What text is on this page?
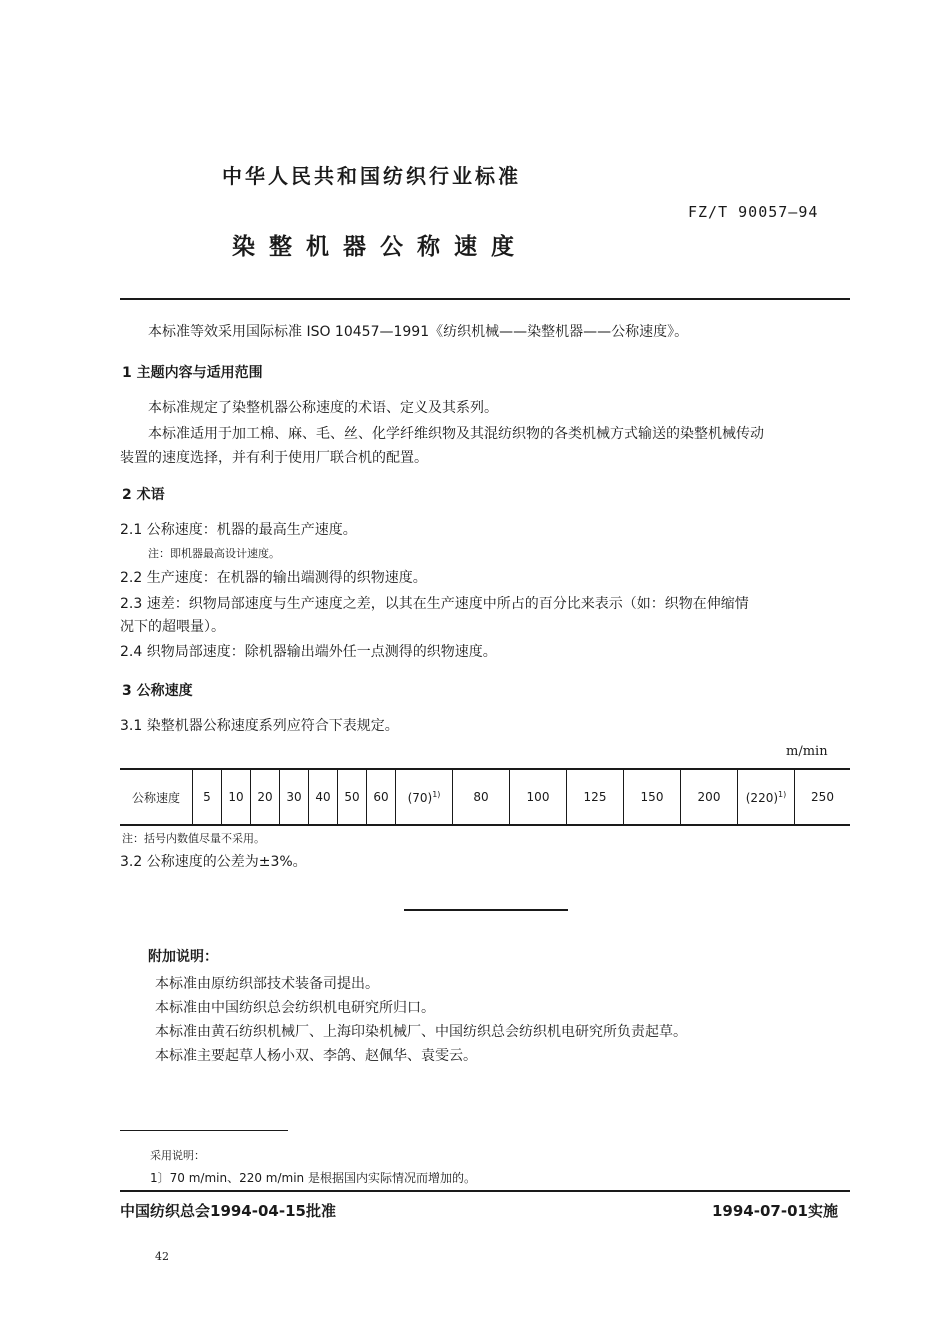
中华人民共和国纺织行业标准
FZ/T 90057—94
染整机器公称速度
本标准等效采用国际标准 ISO 10457—1991《纺织机械——染整机器——公称速度》。
1 主题内容与适用范围
本标准规定了染整机器公称速度的术语、定义及其系列。
本标准适用于加工棉、麻、毛、丝、化学纤维织物及其混纺织物的各类机械方式输送的染整机械传动
装置的速度选择，并有利于使用厂联合机的配置。
2 术语
2.1 公称速度：机器的最高生产速度。
注：即机器最高设计速度。
2.2 生产速度：在机器的输出端测得的织物速度。
2.3 速差：织物局部速度与生产速度之差，以其在生产速度中所占的百分比来表示（如：织物在伸缩情
况下的超喂量）。
2.4 织物局部速度：除机器输出端外任一点测得的织物速度。
3 公称速度
3.1 染整机器公称速度系列应符合下表规定。
m/min
公称速度	5	10	20	30	40	50	60	$(70)^{1)}$	80	100	125	150	200	$(220)^{1)}$	250
注：括号内数值尽量不采用。
3.2 公称速度的公差为±3%。
附加说明：
本标准由原纺织部技术装备司提出。
本标准由中国纺织总会纺织机电研究所归口。
本标准由黄石纺织机械厂、上海印染机械厂、中国纺织总会纺织机电研究所负责起草。
本标准主要起草人杨小双、李鸽、赵佩华、袁雯云。
采用说明：
1〕70 m/min、220 m/min 是根据国内实际情况而增加的。
中国纺织总会1994-04-15批准	1994-07-01实施
42
